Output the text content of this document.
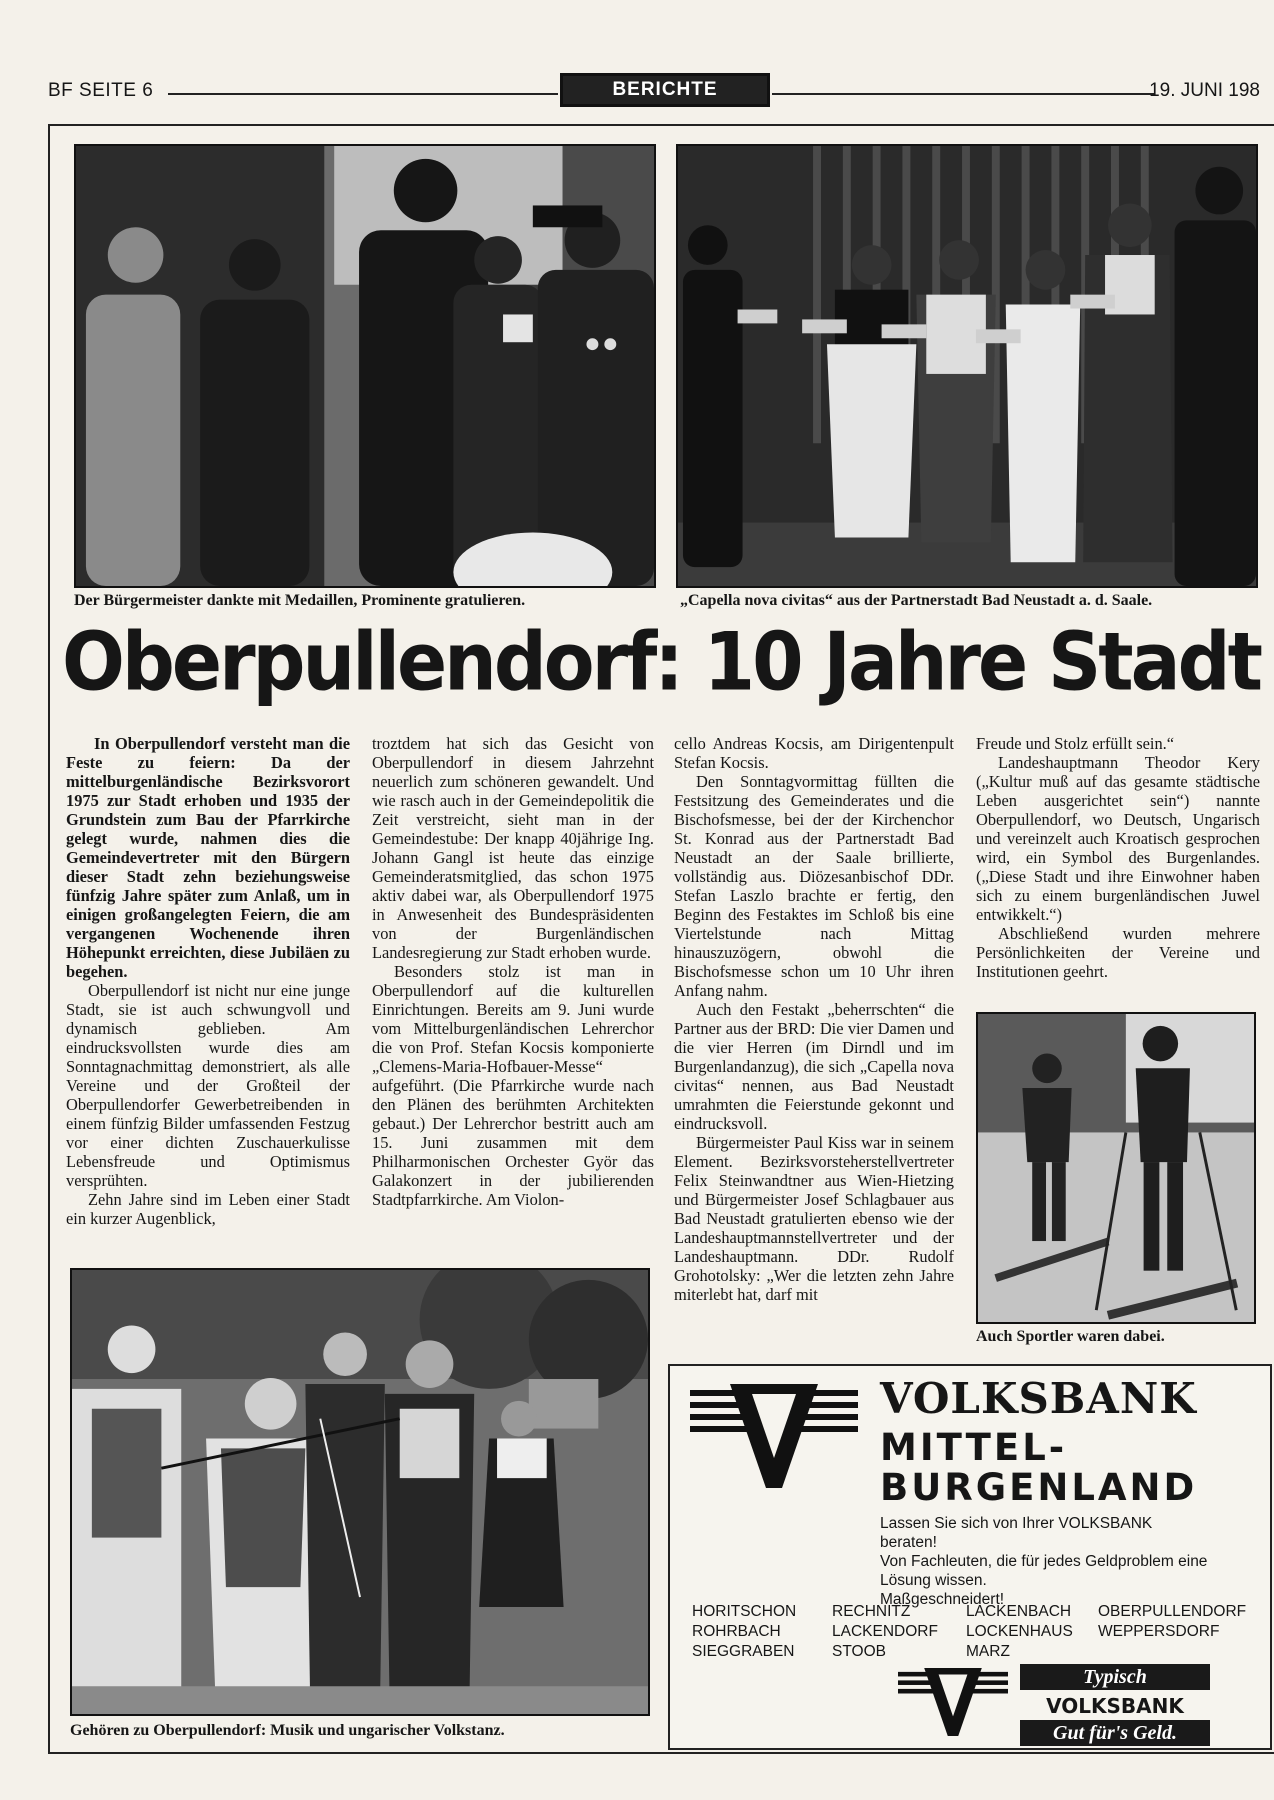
BF SEITE 6	BERICHTE	19. JUNI 198
Der Bürgermeister dankte mit Medaillen, Prominente gratulieren.	„Capella nova civitas“ aus der Partnerstadt Bad Neustadt a. d. Saale.
Oberpullendorf: 10 Jahre Stadt

In Oberpullendorf versteht man die Feste zu feiern: Da der mittelburgenländische Bezirksvorort 1975 zur Stadt erhoben und 1935 der Grundstein zum Bau der Pfarrkirche gelegt wurde, nahmen dies die Gemeindevertreter mit den Bürgern dieser Stadt zehn beziehungsweise fünfzig Jahre später zum Anlaß, um in einigen großangelegten Feiern, die am vergangenen Wochenende ihren Höhepunkt erreichten, diese Jubiläen zu begehen.

Oberpullendorf ist nicht nur eine junge Stadt, sie ist auch schwungvoll und dynamisch geblieben. Am eindrucksvollsten wurde dies am Sonntagnachmittag demonstriert, als alle Vereine und der Großteil der Oberpullendorfer Gewerbetreibenden in einem fünfzig Bilder umfassenden Festzug vor einer dichten Zuschauerkulisse Lebensfreude und Optimismus versprühten.

Zehn Jahre sind im Leben einer Stadt ein kurzer Augenblick,

troztdem hat sich das Gesicht von Oberpullendorf in diesem Jahrzehnt neuerlich zum schöneren gewandelt. Und wie rasch auch in der Gemeindepolitik die Zeit verstreicht, sieht man in der Gemeindestube: Der knapp 40jährige Ing. Johann Gangl ist heute das einzige Gemeinderatsmitglied, das schon 1975 aktiv dabei war, als Oberpullendorf 1975 in Anwesenheit des Bundespräsidenten von der Burgenländischen Landesregierung zur Stadt erhoben wurde.

Besonders stolz ist man in Oberpullendorf auf die kulturellen Einrichtungen. Bereits am 9. Juni wurde vom Mittelburgenländischen Lehrerchor die von Prof. Stefan Kocsis komponierte „Clemens-Maria-Hofbauer-Messe“ aufgeführt. (Die Pfarrkirche wurde nach den Plänen des berühmten Architekten gebaut.) Der Lehrerchor bestritt auch am 15. Juni zusammen mit dem Philharmonischen Orchester Györ das Galakonzert in der jubilierenden Stadtpfarrkirche. Am Violon-

cello Andreas Kocsis, am Dirigentenpult Stefan Kocsis.

Den Sonntagvormittag füllten die Festsitzung des Gemeinderates und die Bischofsmesse, bei der der Kirchenchor St. Konrad aus der Partnerstadt Bad Neustadt an der Saale brillierte, vollständig aus. Diözesanbischof DDr. Stefan Laszlo brachte er fertig, den Beginn des Festaktes im Schloß bis eine Viertelstunde nach Mittag hinauszuzögern, obwohl die Bischofsmesse schon um 10 Uhr ihren Anfang nahm.

Auch den Festakt „beherrschten“ die Partner aus der BRD: Die vier Damen und die vier Herren (im Dirndl und im Burgenlandanzug), die sich „Capella nova civitas“ nennen, aus Bad Neustadt umrahmten die Feierstunde gekonnt und eindrucksvoll.

Bürgermeister Paul Kiss war in seinem Element. Bezirksvorsteherstellvertreter Felix Steinwandtner aus Wien-Hietzing und Bürgermeister Josef Schlagbauer aus Bad Neustadt gratulierten ebenso wie der Landeshauptmannstellvertreter und der Landeshauptmann. DDr. Rudolf Grohotolsky: „Wer die letzten zehn Jahre miterlebt hat, darf mit

Freude und Stolz erfüllt sein.“

Landeshauptmann Theodor Kery („Kultur muß auf das gesamte städtische Leben ausgerichtet sein“) nannte Oberpullendorf, wo Deutsch, Ungarisch und vereinzelt auch Kroatisch gesprochen wird, ein Symbol des Burgenlandes. („Diese Stadt und ihre Einwohner haben sich zu einem burgenländischen Juwel entwikkelt.“)

Abschließend wurden mehrere Persönlichkeiten der Vereine und Institutionen geehrt.

Auch Sportler waren dabei.
Gehören zu Oberpullendorf: Musik und ungarischer Volkstanz.
VOLKSBANK
MITTEL-
BURGENLAND
Lassen Sie sich von Ihrer VOLKSBANK
beraten!
Von Fachleuten, die für jedes Geldproblem eine
Lösung wissen.
Maßgeschneidert!
HORITSCHON
ROHRBACH
SIEGGRABEN
RECHNITZ
LACKENDORF
STOOB
LACKENBACH
LOCKENHAUS
MARZ
OBERPULLENDORF
WEPPERSDORF
Typisch
VOLKSBANK
Gut für's Geld.
